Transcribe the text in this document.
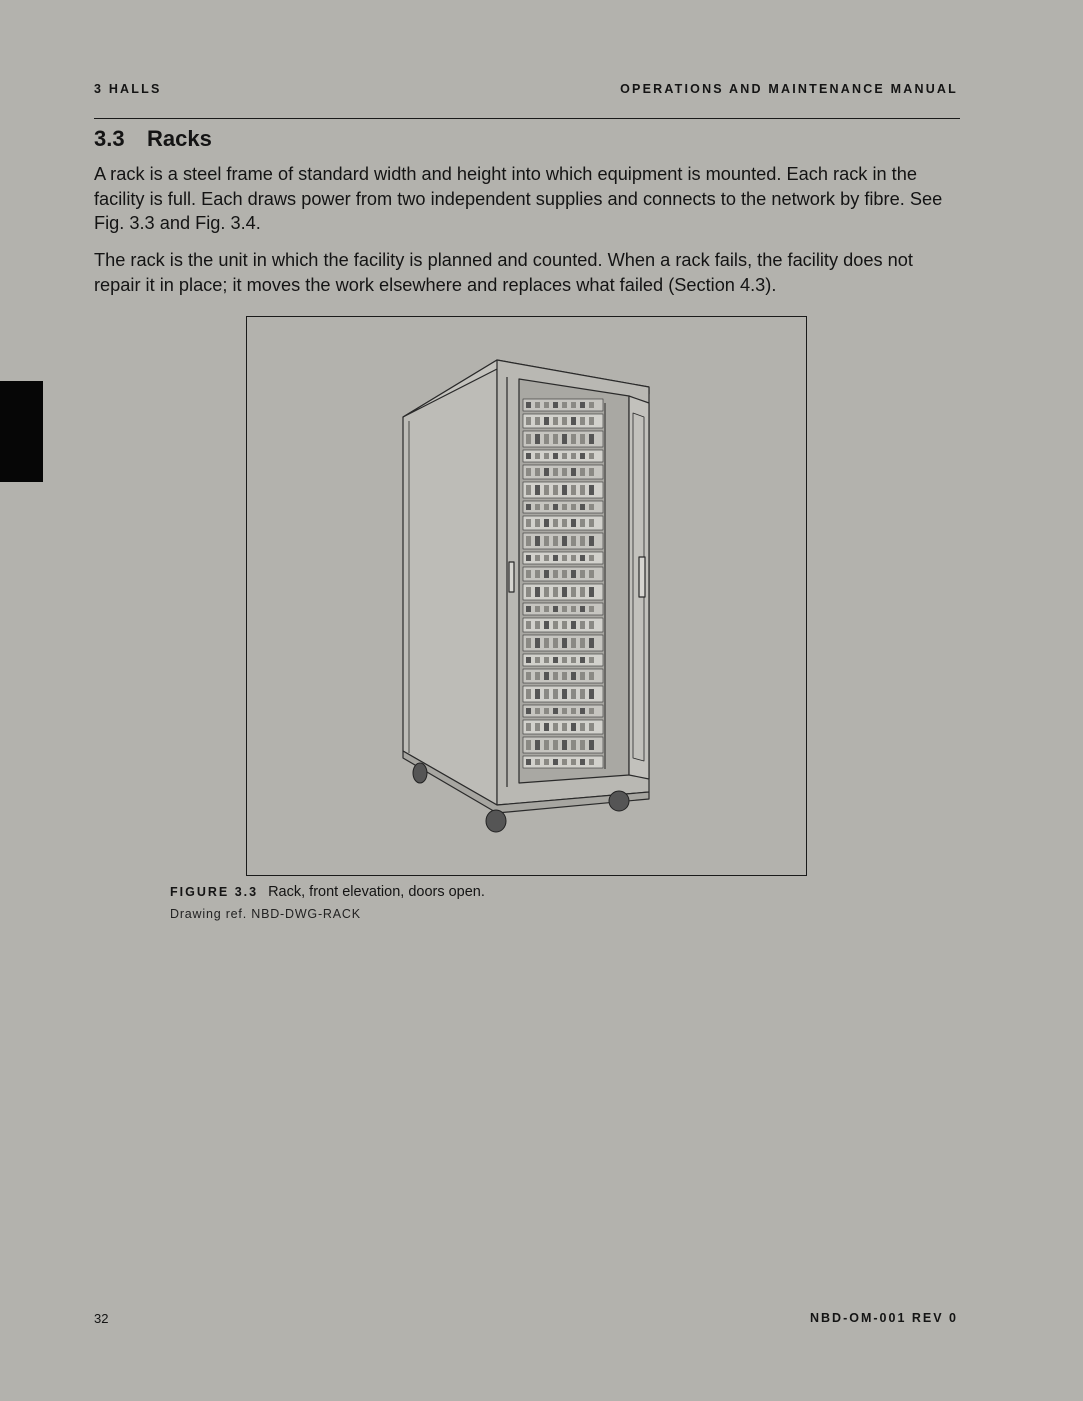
3 HALLS	OPERATIONS AND MAINTENANCE MANUAL
3.3 Racks

A rack is a steel frame of standard width and height into which equipment is mounted. Each rack in the facility is full. Each draws power from two independent supplies and connects to the network by fibre. See Fig. 3.3 and Fig. 3.4.

The rack is the unit in which the facility is planned and counted. When a rack fails, the facility does not repair it in place; it moves the work elsewhere and replaces what failed (Section 4.3).

FIGURE 3.3 Rack, front elevation, doors open.
Drawing ref. NBD-DWG-RACK
32	NBD-OM-001 REV 0
